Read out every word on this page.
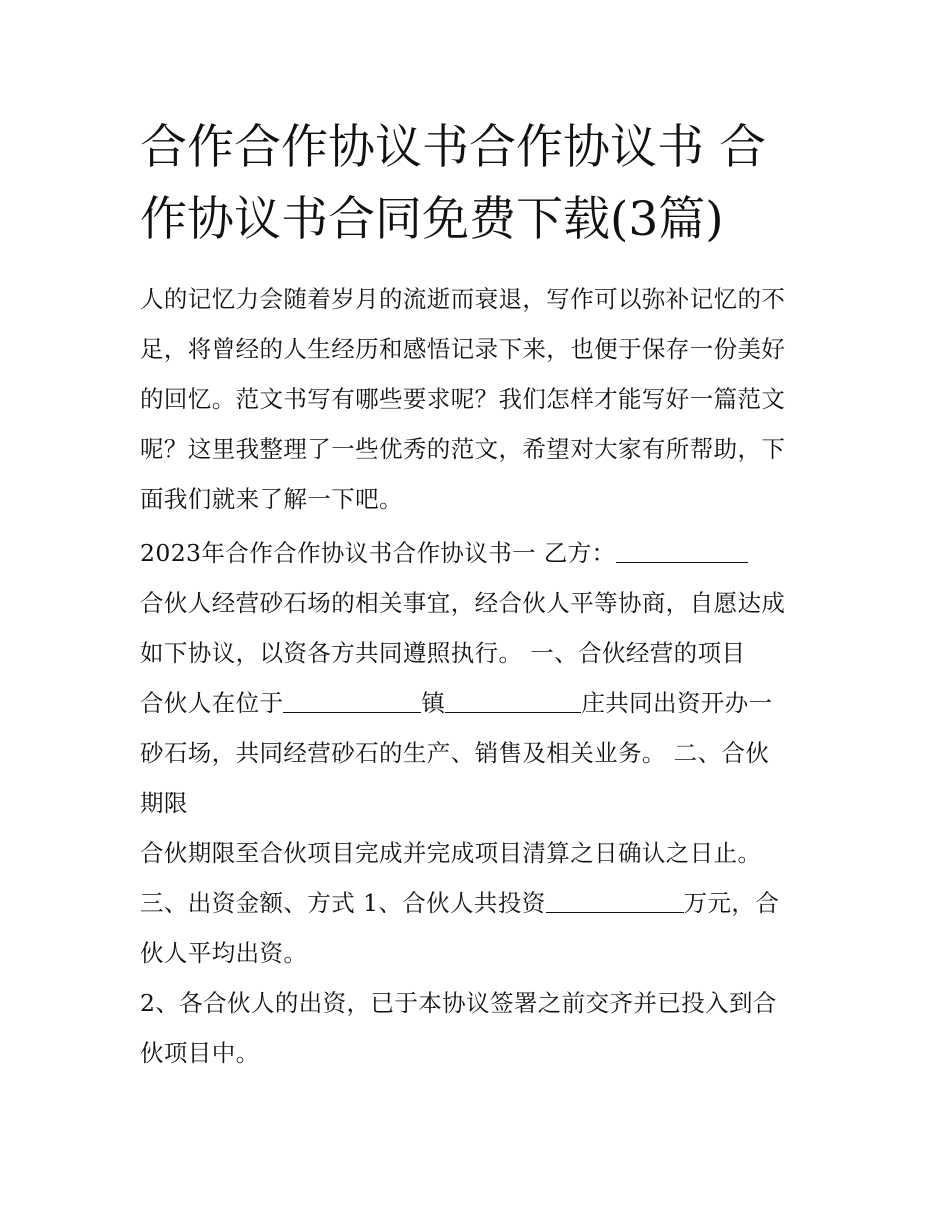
合作合作协议书合作协议书 合
作协议书合同免费下载(3篇)
人的记忆力会随着岁月的流逝而衰退，写作可以弥补记忆的不
足，将曾经的人生经历和感悟记录下来，也便于保存一份美好
的回忆。范文书写有哪些要求呢？我们怎样才能写好一篇范文
呢？这里我整理了一些优秀的范文，希望对大家有所帮助，下
面我们就来了解一下吧。
2023年合作合作协议书合作协议书一 乙方：
合伙人经营砂石场的相关事宜，经合伙人平等协商，自愿达成
如下协议，以资各方共同遵照执行。 一、合伙经营的项目
合伙人在位于	镇	庄共同出资开办一
砂石场，共同经营砂石的生产、销售及相关业务。 二、合伙
期限
合伙期限至合伙项目完成并完成项目清算之日确认之日止。
三、出资金额、方式 1、合伙人共投资	万元，合
伙人平均出资。
2、各合伙人的出资，已于本协议签署之前交齐并已投入到合
伙项目中。
